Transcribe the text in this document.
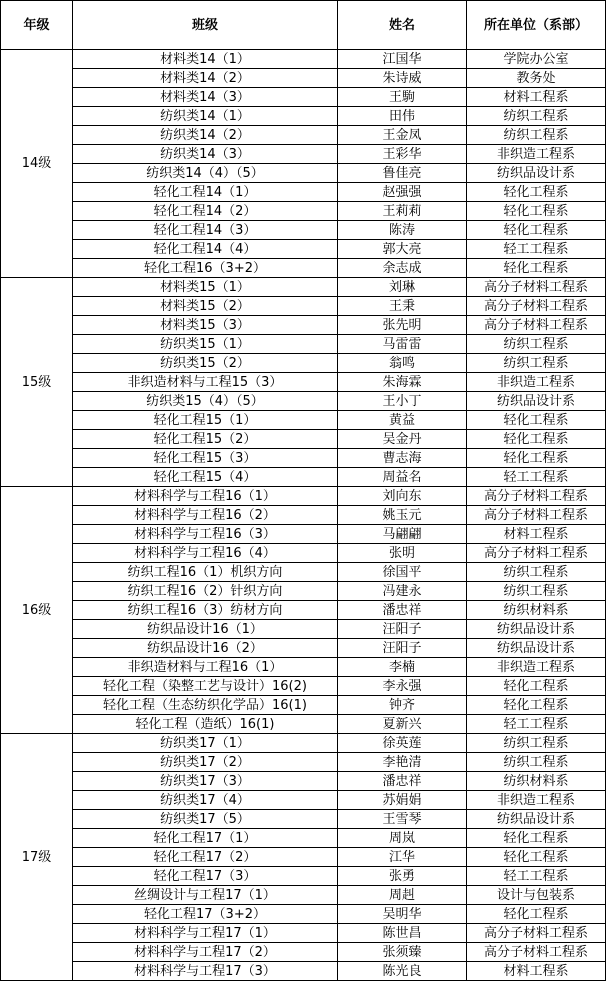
年级	班级	姓名	所在单位（系部）
14级	材料类14（1）	江国华	学院办公室
	材料类14（2）	朱诗威	教务处
	材料类14（3）	王駒	材料工程系
	纺织类14（1）	田伟	纺织工程系
	纺织类14（2）	王金凤	纺织工程系
	纺织类14（3）	王彩华	非织造工程系
	纺织类14（4）（5）	鲁佳亮	纺织品设计系
	轻化工程14（1）	赵强强	轻化工程系
	轻化工程14（2）	王莉莉	轻化工程系
	轻化工程14（3）	陈涛	轻化工程系
	轻化工程14（4）	郭大亮	轻工工程系
	轻化工程16（3+2）	余志成	轻化工程系
15级	材料类15（1）	刘琳	高分子材料工程系
	材料类15（2）	王秉	高分子材料工程系
	材料类15（3）	张先明	高分子材料工程系
	纺织类15（1）	马雷雷	纺织工程系
	纺织类15（2）	翁鸣	纺织工程系
	非织造材料与工程15（3）	朱海霖	非织造工程系
	纺织类15（4）（5）	王小丁	纺织品设计系
	轻化工程15（1）	黄益	轻化工程系
	轻化工程15（2）	吴金丹	轻化工程系
	轻化工程15（3）	曹志海	轻化工程系
	轻化工程15（4）	周益名	轻工工程系
16级	材料科学与工程16（1）	刘向东	高分子材料工程系
	材料科学与工程16（2）	姚玉元	高分子材料工程系
	材料科学与工程16（3）	马翩翩	材料工程系
	材料科学与工程16（4）	张明	高分子材料工程系
	纺织工程16（1）机织方向	徐国平	纺织工程系
	纺织工程16（2）针织方向	冯建永	纺织工程系
	纺织工程16（3）纺材方向	潘忠祥	纺织材料系
	纺织品设计16（1）	汪阳子	纺织品设计系
	纺织品设计16（2）	汪阳子	纺织品设计系
	非织造材料与工程16（1）	李楠	非织造工程系
	轻化工程（染整工艺与设计）16(2)	李永强	轻化工程系
	轻化工程（生态纺织化学品）16(1)	钟齐	轻化工程系
	轻化工程（造纸）16(1)	夏新兴	轻工工程系
17级	纺织类17（1）	徐英莲	纺织工程系
	纺织类17（2）	李艳清	纺织工程系
	纺织类17（3）	潘忠祥	纺织材料系
	纺织类17（4）	苏娟娟	非织造工程系
	纺织类17（5）	王雪琴	纺织品设计系
	轻化工程17（1）	周岚	轻化工程系
	轻化工程17（2）	江华	轻化工程系
	轻化工程17（3）	张勇	轻工工程系
	丝绸设计与工程17（1）	周赳	设计与包装系
	轻化工程17（3+2）	吴明华	轻化工程系
	材料科学与工程17（1）	陈世昌	高分子材料工程系
	材料科学与工程17（2）	张须臻	高分子材料工程系
	材料科学与工程17（3）	陈光良	材料工程系
